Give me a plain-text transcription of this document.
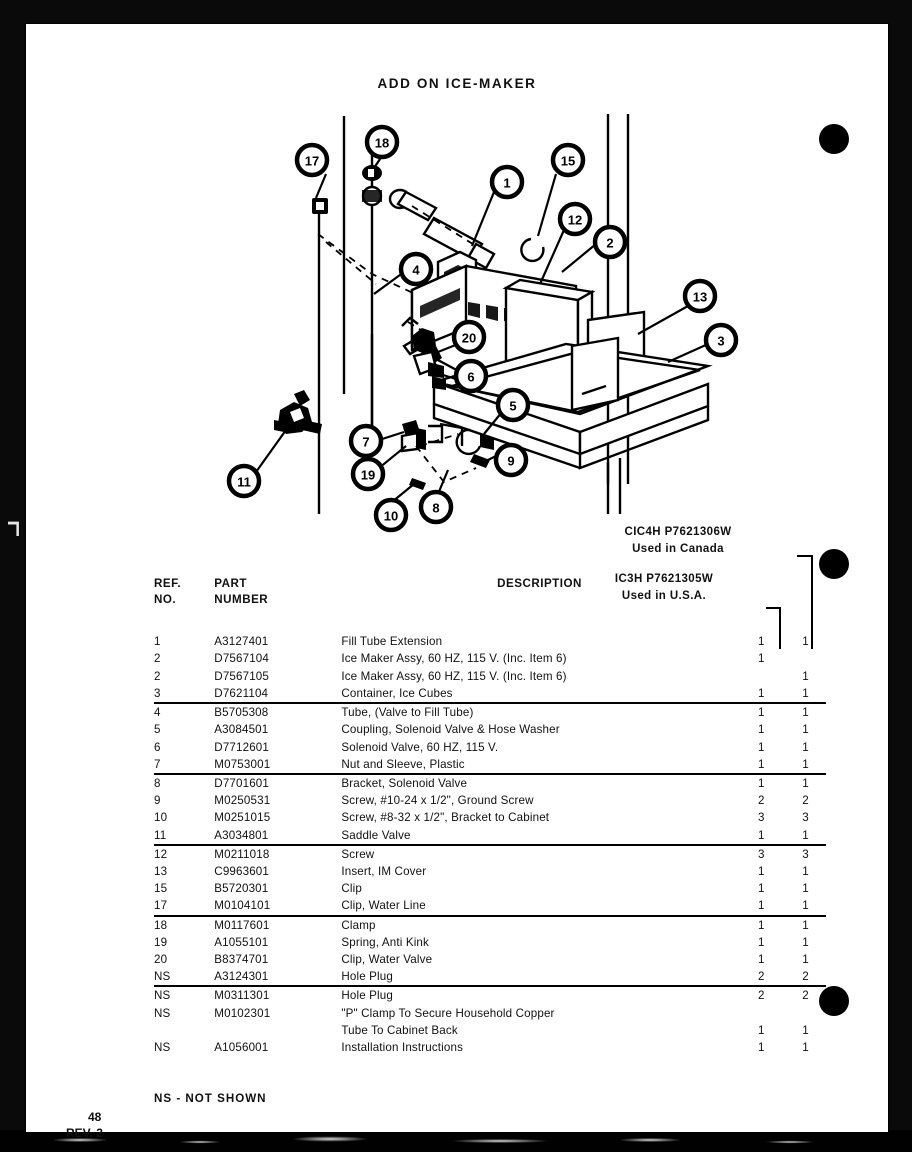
ADD ON ICE-MAKER
17
18
15
1
12
2
13
3
4
20
6
5
9
7
19
10
8
11
CIC4H P7621306W
Used in Canada
IC3H P7621305W
Used in U.S.A.
REF.
NO.

PART
NUMBER

DESCRIPTION

1	A3127401	Fill Tube Extension	1	1
2	D7567104	Ice Maker Assy, 60 HZ, 115 V. (Inc. Item 6)	1	
2	D7567105	Ice Maker Assy, 60 HZ, 115 V. (Inc. Item 6)		1
3	D7621104	Container, Ice Cubes	1	1
4	B5705308	Tube, (Valve to Fill Tube)	1	1
5	A3084501	Coupling, Solenoid Valve & Hose Washer	1	1
6	D7712601	Solenoid Valve, 60 HZ, 115 V.	1	1
7	M0753001	Nut and Sleeve, Plastic	1	1
8	D7701601	Bracket, Solenoid Valve	1	1
9	M0250531	Screw, #10-24 x 1/2", Ground Screw	2	2
10	M0251015	Screw, #8-32 x 1/2", Bracket to Cabinet	3	3
11	A3034801	Saddle Valve	1	1
12	M0211018	Screw	3	3
13	C9963601	Insert, IM Cover	1	1
15	B5720301	Clip	1	1
17	M0104101	Clip, Water Line	1	1
18	M0117601	Clamp	1	1
19	A1055101	Spring, Anti Kink	1	1
20	B8374701	Clip, Water Valve	1	1
NS	A3124301	Hole Plug	2	2
NS	M0311301	Hole Plug	2	2
NS	M0102301	"P" Clamp To Secure Household Copper		
		Tube To Cabinet Back	1	1
NS	A1056001	Installation Instructions	1	1
NS - NOT SHOWN
48
REV. 2
